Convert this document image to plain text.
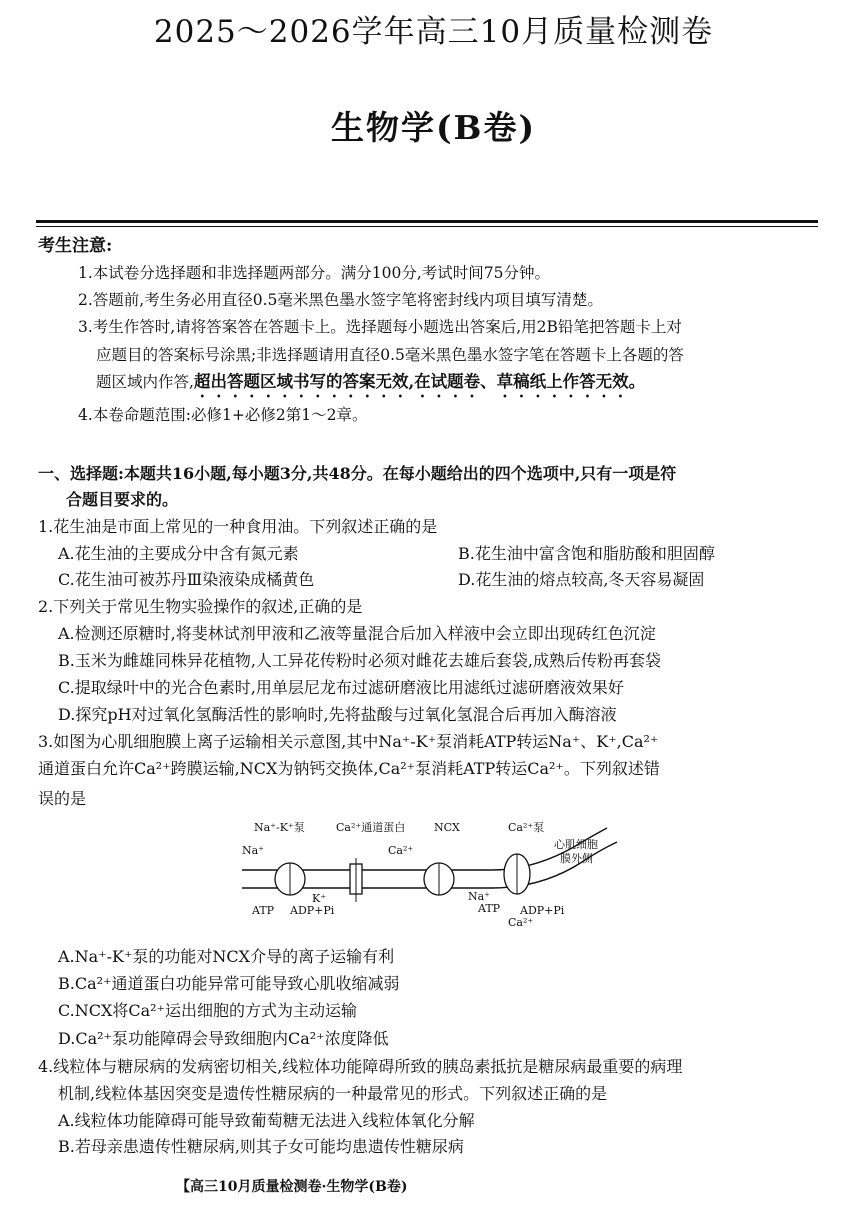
2025～2026学年高三10月质量检测卷
生物学(B卷)
考生注意:
1.本试卷分选择题和非选择题两部分。满分100分,考试时间75分钟。
2.答题前,考生务必用直径0.5毫米黑色墨水签字笔将密封线内项目填写清楚。
3.考生作答时,请将答案答在答题卡上。选择题每小题选出答案后,用2B铅笔把答题卡上对
应题目的答案标号涂黑;非选择题请用直径0.5毫米黑色墨水签字笔在答题卡上各题的答
题区域内作答,超出答题区域书写的答案无效,在试题卷、草稿纸上作答无效。
4.本卷命题范围:必修1+必修2第1～2章。
一、选择题:本题共16小题,每小题3分,共48分。在每小题给出的四个选项中,只有一项是符
合题目要求的。
1.花生油是市面上常见的一种食用油。下列叙述正确的是
A.花生油的主要成分中含有氮元素	B.花生油中富含饱和脂肪酸和胆固醇
C.花生油可被苏丹Ⅲ染液染成橘黄色	D.花生油的熔点较高,冬天容易凝固
2.下列关于常见生物实验操作的叙述,正确的是
A.检测还原糖时,将斐林试剂甲液和乙液等量混合后加入样液中会立即出现砖红色沉淀
B.玉米为雌雄同株异花植物,人工异花传粉时必须对雌花去雄后套袋,成熟后传粉再套袋
C.提取绿叶中的光合色素时,用单层尼龙布过滤研磨液比用滤纸过滤研磨液效果好
D.探究pH对过氧化氢酶活性的影响时,先将盐酸与过氧化氢混合后再加入酶溶液
3.如图为心肌细胞膜上离子运输相关示意图,其中Na⁺-K⁺泵消耗ATP转运Na⁺、K⁺,Ca²⁺
通道蛋白允许Ca²⁺跨膜运输,NCX为钠钙交换体,Ca²⁺泵消耗ATP转运Ca²⁺。下列叙述错
误的是
Na⁺-K⁺泵	Ca²⁺通道蛋白	NCX	Ca²⁺泵
心肌细胞
膜外侧
Na⁺
K⁺
Ca²⁺
Na⁺
Ca²⁺
ATP ADP+Pi	ATP ADP+Pi
A.Na⁺-K⁺泵的功能对NCX介导的离子运输有利
B.Ca²⁺通道蛋白功能异常可能导致心肌收缩减弱
C.NCX将Ca²⁺运出细胞的方式为主动运输
D.Ca²⁺泵功能障碍会导致细胞内Ca²⁺浓度降低
4.线粒体与糖尿病的发病密切相关,线粒体功能障碍所致的胰岛素抵抗是糖尿病最重要的病理
机制,线粒体基因突变是遗传性糖尿病的一种最常见的形式。下列叙述正确的是
A.线粒体功能障碍可能导致葡萄糖无法进入线粒体氧化分解
B.若母亲患遗传性糖尿病,则其子女可能均患遗传性糖尿病
【高三10月质量检测卷·生物学(B卷)
